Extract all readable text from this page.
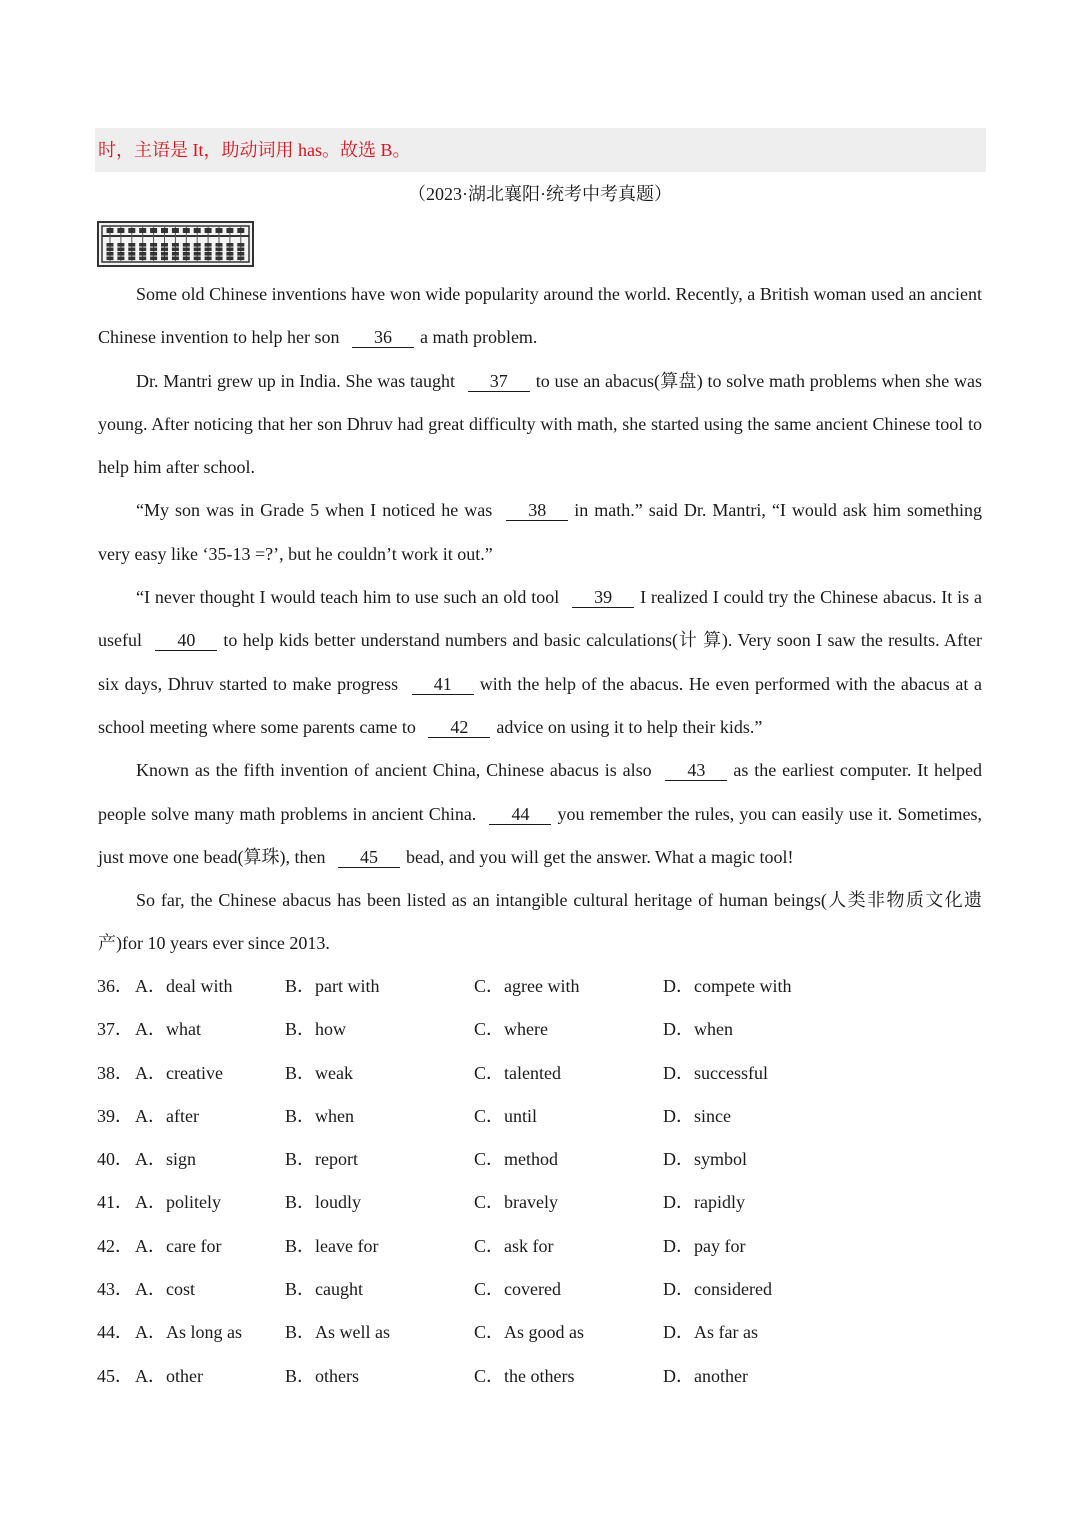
时，主语是 It，助动词用 has。故选 B。
（2023·湖北襄阳·统考中考真题）

Some old Chinese inventions have won wide popularity around the world. Recently, a British woman used an ancient Chinese invention to help her son 36 a math problem.

Dr. Mantri grew up in India. She was taught 37 to use an abacus(算盘) to solve math problems when she was young. After noticing that her son Dhruv had great difficulty with math, she started using the same ancient Chinese tool to help him after school.

“My son was in Grade 5 when I noticed he was 38 in math.” said Dr. Mantri, “I would ask him something very easy like ‘35-13 =?’, but he couldn’t work it out.”

“I never thought I would teach him to use such an old tool 39 I realized I could try the Chinese abacus. It is a useful 40 to help kids better understand numbers and basic calculations(计 算). Very soon I saw the results. After six days, Dhruv started to make progress 41 with the help of the abacus. He even performed with the abacus at a school meeting where some parents came to 42 advice on using it to help their kids.”

Known as the fifth invention of ancient China, Chinese abacus is also 43 as the earliest computer. It helped people solve many math problems in ancient China. 44 you remember the rules, you can easily use it. Sometimes, just move one bead(算珠), then 45 bead, and you will get the answer. What a magic tool!

So far, the Chinese abacus has been listed as an intangible cultural heritage of human beings(人类非物质文化遗产)for 10 years ever since 2013.

36． A．deal with	B．part with	C．agree with	D．compete with
37． A．what	B．how	C．where	D．when
38． A．creative	B．weak	C．talented	D．successful
39． A．after	B．when	C．until	D．since
40． A．sign	B．report	C．method	D．symbol
41． A．politely	B．loudly	C．bravely	D．rapidly
42． A．care for	B．leave for	C．ask for	D．pay for
43． A．cost	B．caught	C．covered	D．considered
44． A．As long as B．As well as	C．As good as	D．As far as
45． A．other	B．others	C．the others	D．another
